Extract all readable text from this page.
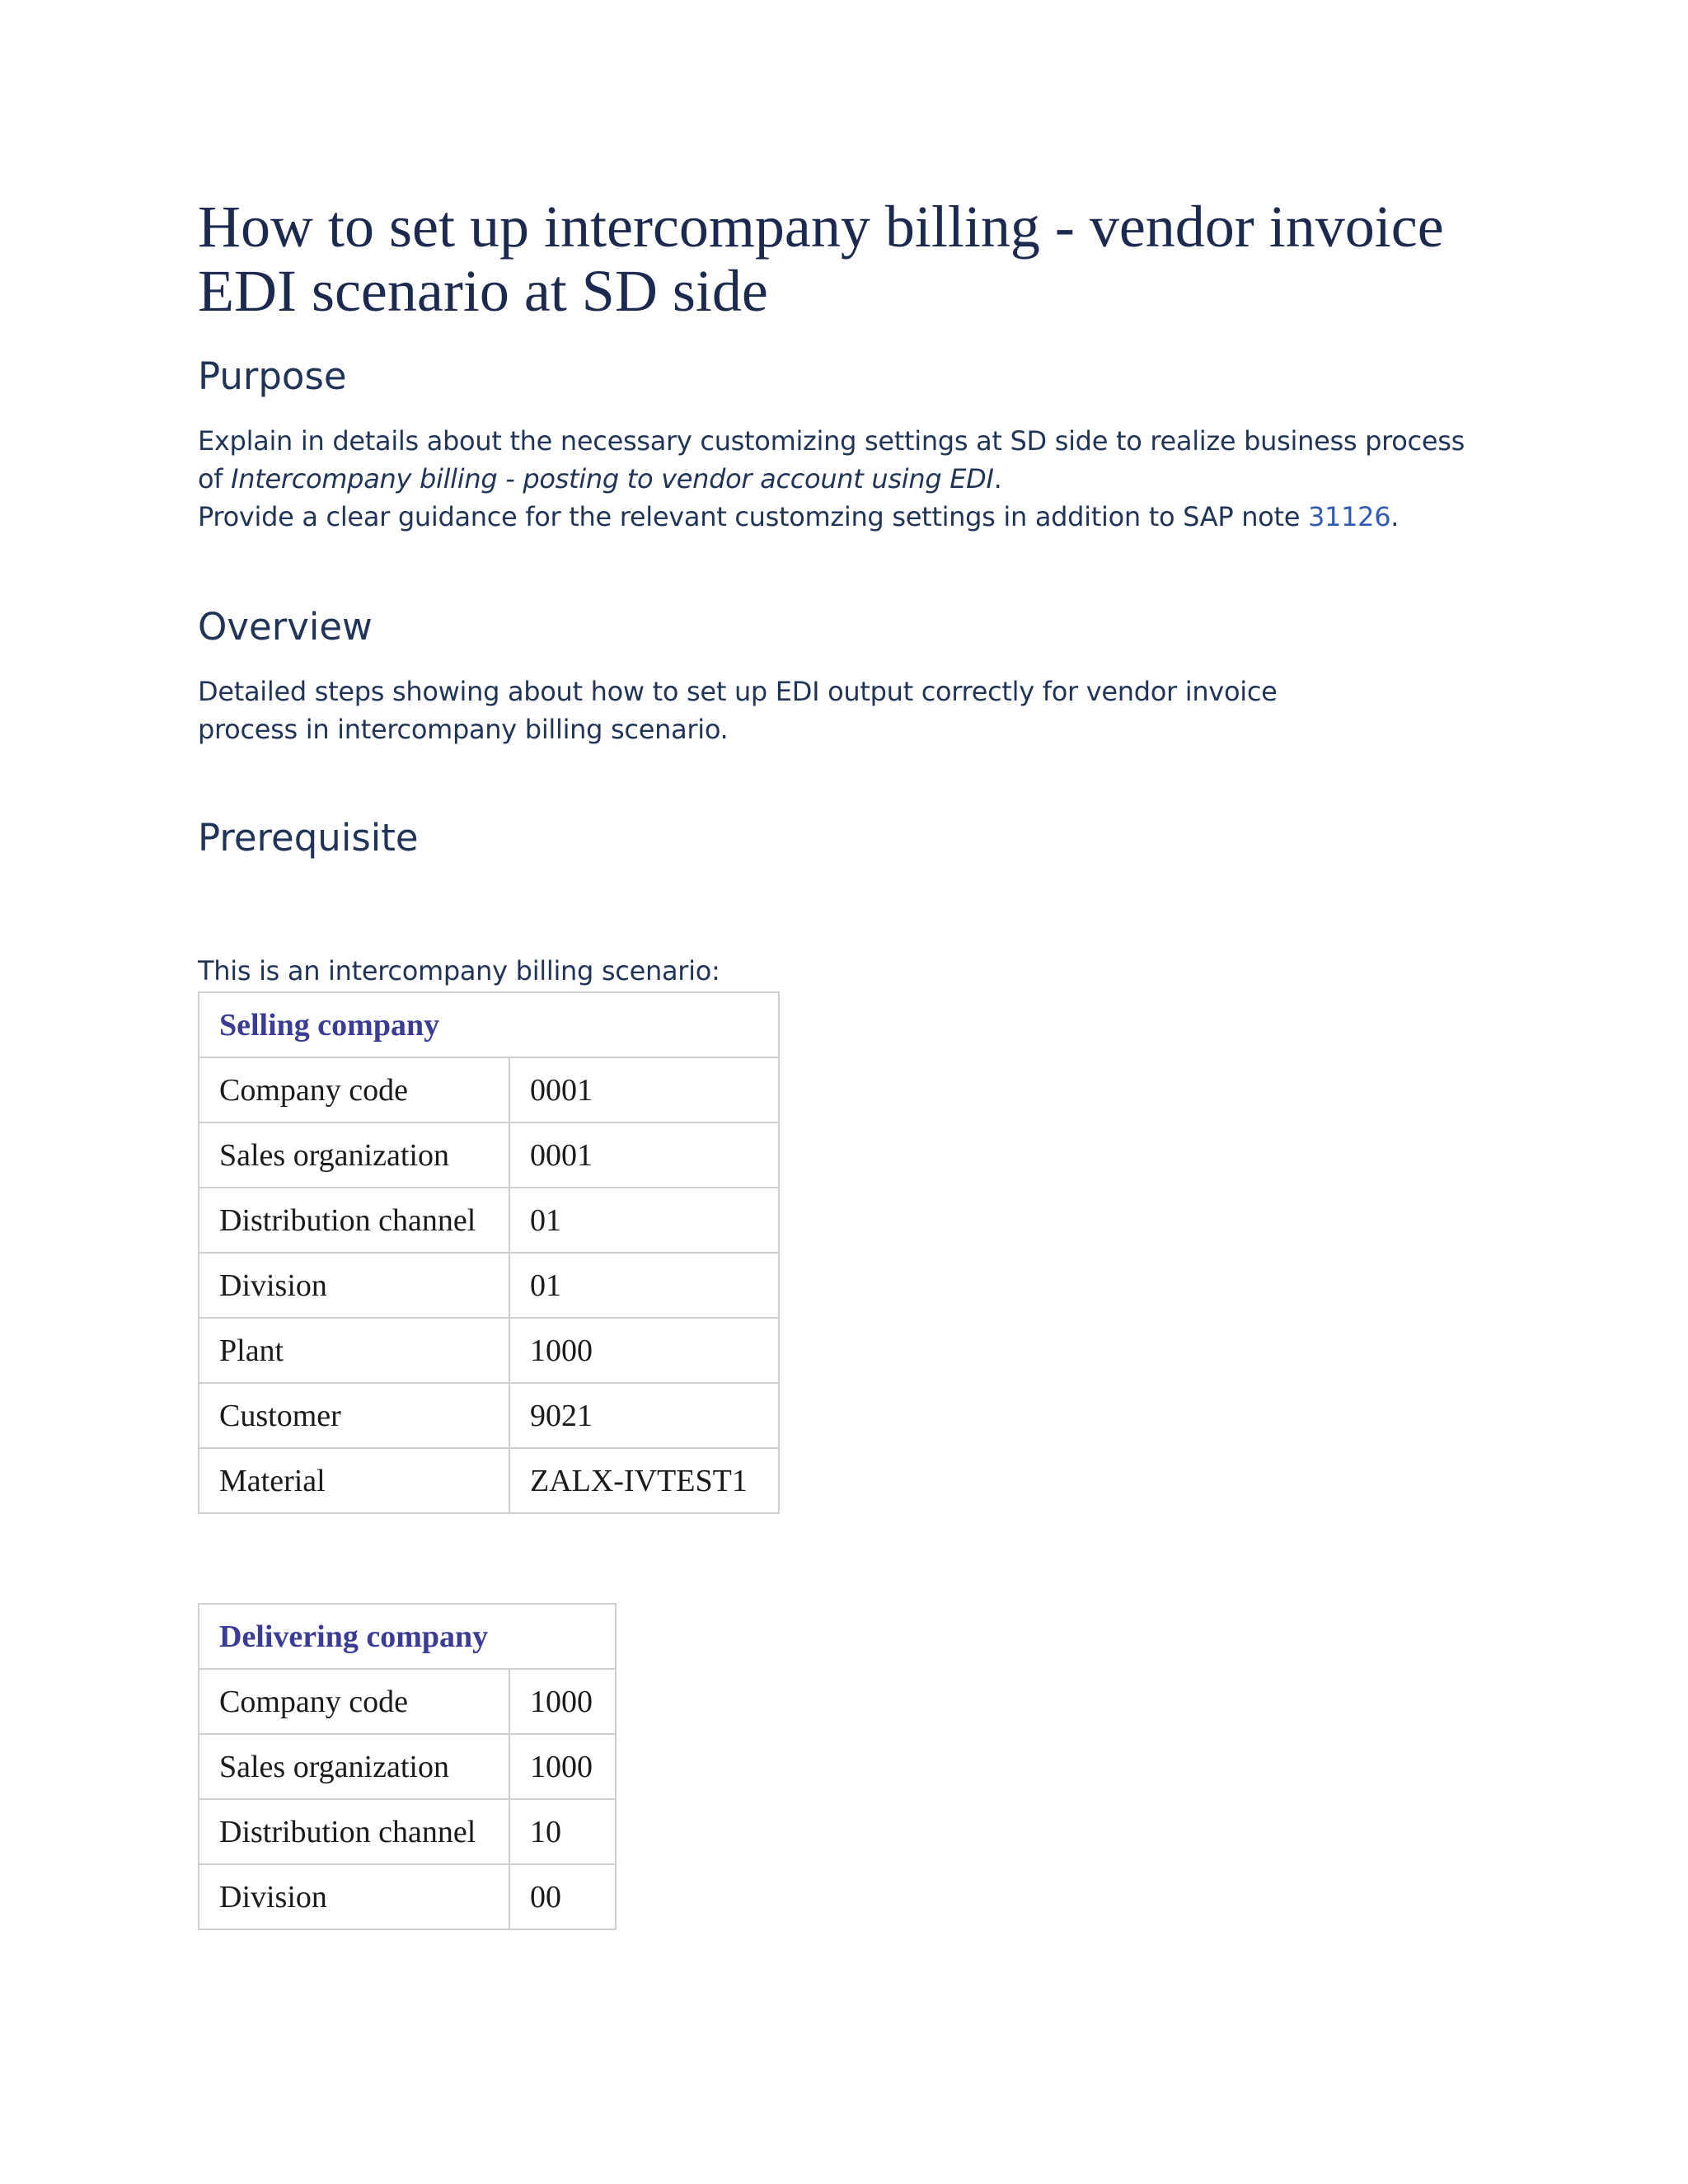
How to set up intercompany billing - vendor invoice EDI scenario at SD side
Purpose

Explain in details about the necessary customizing settings at SD side to realize business process of Intercompany billing - posting to vendor account using EDI.
Provide a clear guidance for the relevant customzing settings in addition to SAP note 31126.

Overview

Detailed steps showing about how to set up EDI output correctly for vendor invoice process in intercompany billing scenario.

Prerequisite

This is an intercompany billing scenario:

Selling company	
Company code	0001
Sales organization	0001
Distribution channel	01
Division	01
Plant	1000
Customer	9021
Material	ZALX-IVTEST1
Delivering company	
Company code	1000
Sales organization	1000
Distribution channel	10
Division	00
